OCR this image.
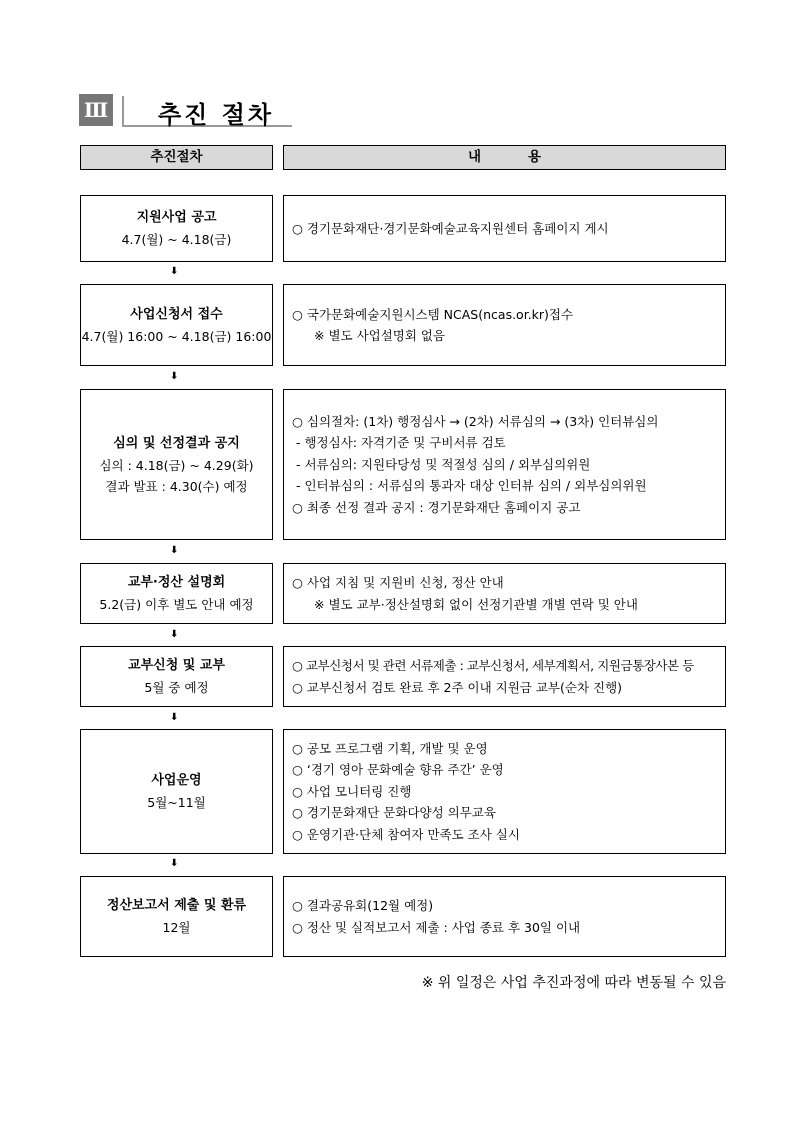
Ⅲ 추진 절차
추진절차	내          용
지원사업 공고
4.7(월) ~ 4.18(금)
○ 경기문화재단·경기문화예술교육지원센터 홈페이지 게시
⬇
사업신청서 접수
4.7(월) 16:00 ~ 4.18(금) 16:00
○ 국가문화예술지원시스템 NCAS(ncas.or.kr)접수
※ 별도 사업설명회 없음
⬇
심의 및 선정결과 공지
심의 : 4.18(금) ~ 4.29(화)
결과 발표 : 4.30(수) 예정
○ 심의절차: (1차) 행정심사 → (2차) 서류심의 → (3차) 인터뷰심의
- 행정심사: 자격기준 및 구비서류 검토
- 서류심의: 지원타당성 및 적절성 심의 / 외부심의위원
- 인터뷰심의 : 서류심의 통과자 대상 인터뷰 심의 / 외부심의위원
○ 최종 선정 결과 공지 : 경기문화재단 홈페이지 공고
⬇
교부·정산 설명회
5.2(금) 이후 별도 안내 예정
○ 사업 지침 및 지원비 신청, 정산 안내
※ 별도 교부·정산설명회 없이 선정기관별 개별 연락 및 안내
⬇
교부신청 및 교부
5월 중 예정
○ 교부신청서 및 관련 서류제출 : 교부신청서, 세부계획서, 지원금통장사본 등
○ 교부신청서 검토 완료 후 2주 이내 지원금 교부(순차 진행)
⬇
사업운영
5월~11월
○ 공모 프로그램 기획, 개발 및 운영
○ ‘경기 영아 문화예술 향유 주간’ 운영
○ 사업 모니터링 진행
○ 경기문화재단 문화다양성 의무교육
○ 운영기관·단체 참여자 만족도 조사 실시
⬇
정산보고서 제출 및 환류
12월
○ 결과공유회(12월 예정)
○ 정산 및 실적보고서 제출 : 사업 종료 후 30일 이내
※ 위 일정은 사업 추진과정에 따라 변동될 수 있음
